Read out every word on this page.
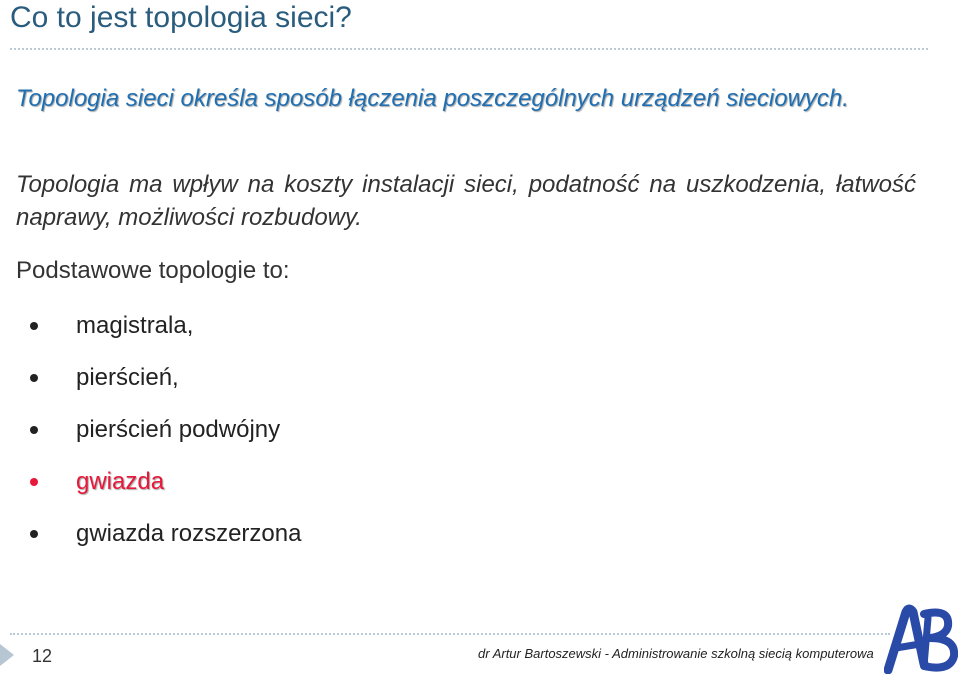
Co to jest topologia sieci?
Topologia sieci określa sposób łączenia poszczególnych urządzeń sieciowych.
Topologia ma wpływ na koszty instalacji sieci, podatność na uszkodzenia, łatwość naprawy, możliwości rozbudowy.
Podstawowe topologie to:
magistrala,
pierścień,
pierścień podwójny
gwiazda
gwiazda rozszerzona
12	dr Artur Bartoszewski - Administrowanie szkolną siecią komputerowa
